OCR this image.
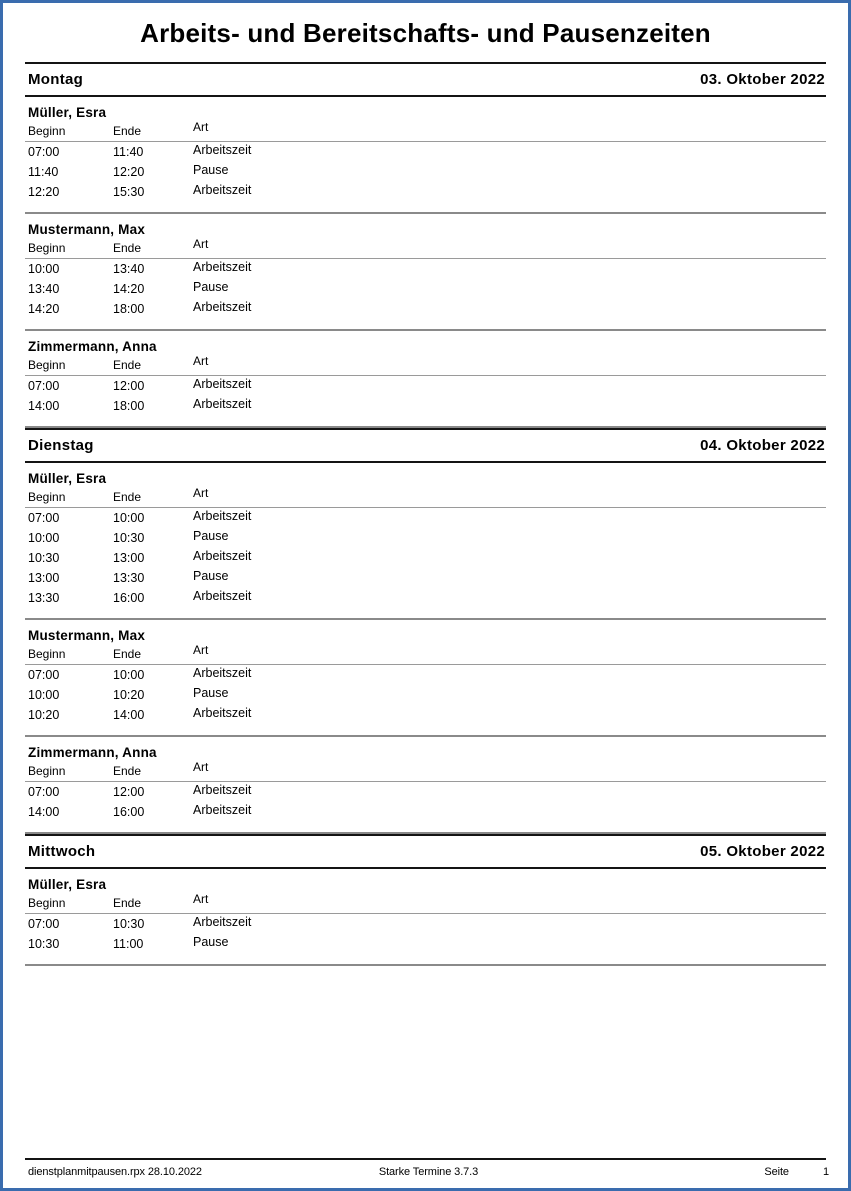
Arbeits- und Bereitschafts- und Pausenzeiten
Montag	03. Oktober 2022
Müller, Esra
Beginn	Ende	Art

07:00	11:40	Arbeitszeit
11:40	12:20	Pause
12:20	15:30	Arbeitszeit
Mustermann, Max
Beginn	Ende	Art

10:00	13:40	Arbeitszeit
13:40	14:20	Pause
14:20	18:00	Arbeitszeit
Zimmermann, Anna
Beginn	Ende	Art

07:00	12:00	Arbeitszeit
14:00	18:00	Arbeitszeit
Dienstag	04. Oktober 2022
Müller, Esra
Beginn	Ende	Art

07:00	10:00	Arbeitszeit
10:00	10:30	Pause
10:30	13:00	Arbeitszeit
13:00	13:30	Pause
13:30	16:00	Arbeitszeit
Mustermann, Max
Beginn	Ende	Art

07:00	10:00	Arbeitszeit
10:00	10:20	Pause
10:20	14:00	Arbeitszeit
Zimmermann, Anna
Beginn	Ende	Art

07:00	12:00	Arbeitszeit
14:00	16:00	Arbeitszeit
Mittwoch	05. Oktober 2022
Müller, Esra
Beginn	Ende	Art

07:00	10:30	Arbeitszeit
10:30	11:00	Pause
dienstplanmitpausen.rpx 28.10.2022	Starke Termine 3.7.3	Seite	1
